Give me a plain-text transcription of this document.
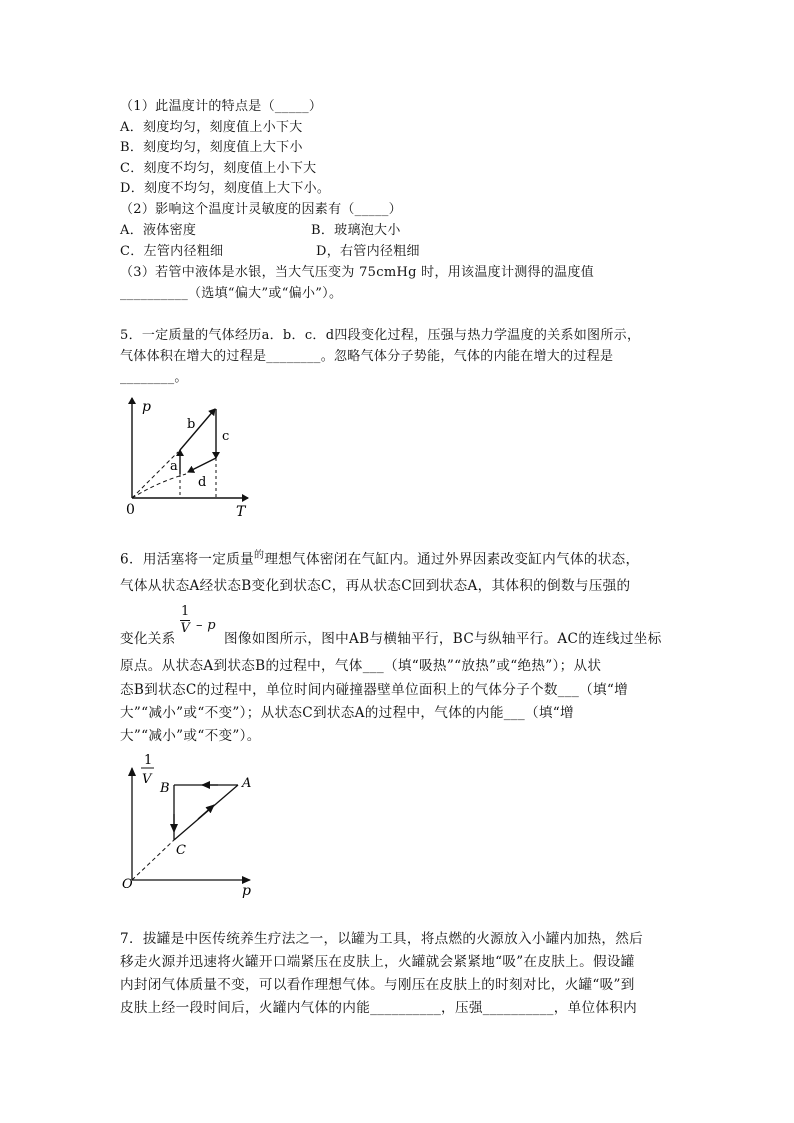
（1）此温度计的特点是（_____）
A．刻度均匀，刻度值上小下大
B．刻度均匀，刻度值上大下小
C．刻度不均匀，刻度值上小下大
D．刻度不均匀，刻度值上大下小。
（2）影响这个温度计灵敏度的因素有（_____）
A．液体密度	B．玻璃泡大小
C．左管内径粗细	D，右管内径粗细
（3）若管中液体是水银，当大气压变为 75cmHg 时，用该温度计测得的温度值
__________（选填“偏大”或“偏小”）。
5．一定质量的气体经历a．b．c．d四段变化过程，压强与热力学温度的关系如图所示，
气体体积在增大的过程是________。忽略气体分子势能，气体的内能在增大的过程是
________。
p
T
0
a
b
c
d
6．用活塞将一定质量$^的$理想气体密闭在气缸内。通过外界因素改变缸内气体的状态，
气体从状态A经状态B变化到状态C，再从状态C回到状态A，其体积的倒数与压强的
变化关系
$\frac{1}{V}$ – p
图像如图所示，图中AB与横轴平行，BC与纵轴平行。AC的连线过坐标
原点。从状态A到状态B的过程中，气体___（填“吸热”“放热”或“绝热”）；从状
态B到状态C的过程中，单位时间内碰撞器壁单位面积上的气体分子个数___（填“增
大”“减小”或“不变”）；从状态C到状态A的过程中，气体的内能___（填“增
大”“减小”或“不变”）。
1
V
p
O
A
B
C
7．拔罐是中医传统养生疗法之一，以罐为工具，将点燃的火源放入小罐内加热，然后
移走火源并迅速将火罐开口端紧压在皮肤上，火罐就会紧紧地“吸”在皮肤上。假设罐
内封闭气体质量不变，可以看作理想气体。与刚压在皮肤上的时刻对比，火罐“吸”到
皮肤上经一段时间后，火罐内气体的内能__________，压强__________，单位体积内
